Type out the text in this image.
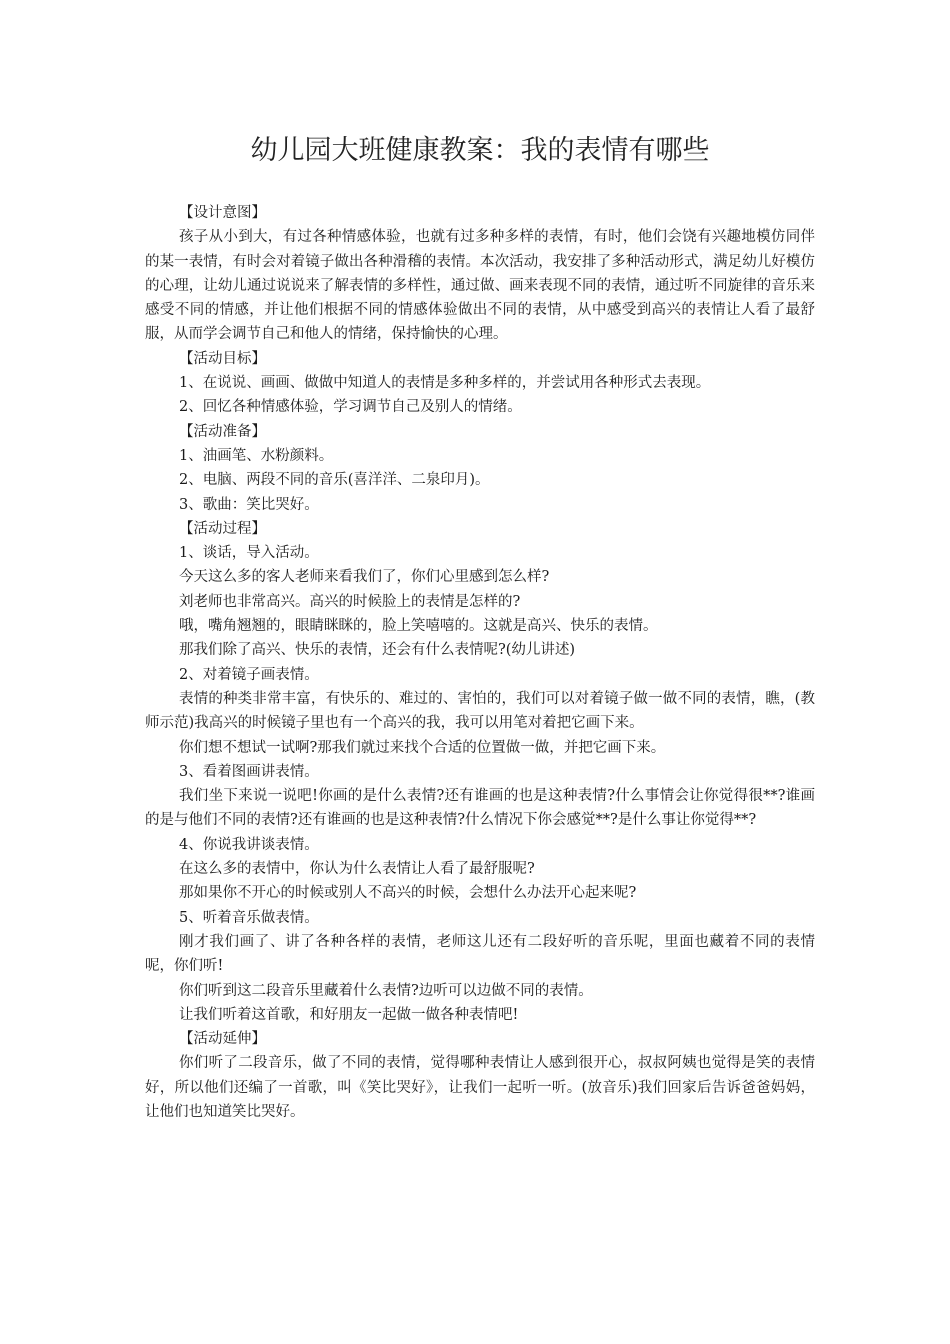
幼儿园大班健康教案：我的表情有哪些

【设计意图】

孩子从小到大，有过各种情感体验，也就有过多种多样的表情，有时，他们会饶有兴趣地模仿同伴的某一表情，有时会对着镜子做出各种滑稽的表情。本次活动，我安排了多种活动形式，满足幼儿好模仿的心理，让幼儿通过说说来了解表情的多样性，通过做、画来表现不同的表情，通过听不同旋律的音乐来感受不同的情感，并让他们根据不同的情感体验做出不同的表情，从中感受到高兴的表情让人看了最舒服，从而学会调节自己和他人的情绪，保持愉快的心理。

【活动目标】

1、在说说、画画、做做中知道人的表情是多种多样的，并尝试用各种形式去表现。

2、回忆各种情感体验，学习调节自己及别人的情绪。

【活动准备】

1、油画笔、水粉颜料。

2、电脑、两段不同的音乐(喜洋洋、二泉印月)。

3、歌曲：笑比哭好。

【活动过程】

1、谈话，导入活动。

今天这么多的客人老师来看我们了，你们心里感到怎么样?

刘老师也非常高兴。高兴的时候脸上的表情是怎样的?

哦，嘴角翘翘的，眼睛眯眯的，脸上笑嘻嘻的。这就是高兴、快乐的表情。

那我们除了高兴、快乐的表情，还会有什么表情呢?(幼儿讲述)

2、对着镜子画表情。

表情的种类非常丰富，有快乐的、难过的、害怕的，我们可以对着镜子做一做不同的表情，瞧，(教师示范)我高兴的时候镜子里也有一个高兴的我，我可以用笔对着把它画下来。

你们想不想试一试啊?那我们就过来找个合适的位置做一做，并把它画下来。

3、看着图画讲表情。

我们坐下来说一说吧!你画的是什么表情?还有谁画的也是这种表情?什么事情会让你觉得很**?谁画的是与他们不同的表情?还有谁画的也是这种表情?什么情况下你会感觉**?是什么事让你觉得**?

4、你说我讲谈表情。

在这么多的表情中，你认为什么表情让人看了最舒服呢?

那如果你不开心的时候或别人不高兴的时候，会想什么办法开心起来呢?

5、听着音乐做表情。

刚才我们画了、讲了各种各样的表情，老师这儿还有二段好听的音乐呢，里面也藏着不同的表情呢，你们听!

你们听到这二段音乐里藏着什么表情?边听可以边做不同的表情。

让我们听着这首歌，和好朋友一起做一做各种表情吧!

【活动延伸】

你们听了二段音乐，做了不同的表情，觉得哪种表情让人感到很开心，叔叔阿姨也觉得是笑的表情好，所以他们还编了一首歌，叫《笑比哭好》，让我们一起听一听。(放音乐)我们回家后告诉爸爸妈妈，让他们也知道笑比哭好。
